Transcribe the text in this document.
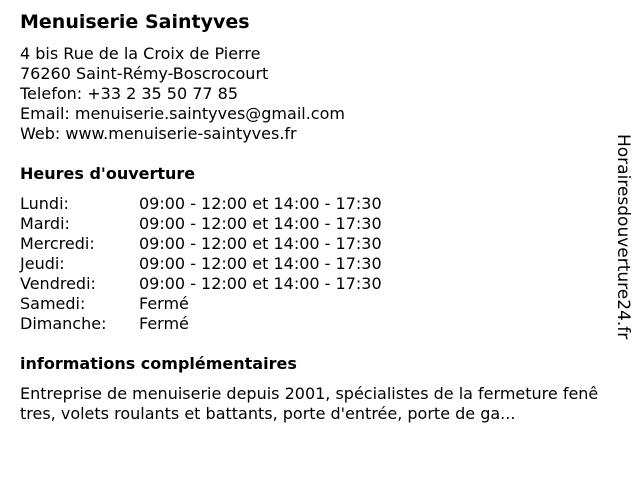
Menuiserie Saintyves
4 bis Rue de la Croix de Pierre
76260 Saint-Rémy-Boscrocourt
Telefon: +33 2 35 50 77 85
Email: menuiserie.saintyves@gmail.com
Web: www.menuiserie-saintyves.fr
Heures d'ouverture
Lundi:	09:00 - 12:00 et 14:00 - 17:30
Mardi:	09:00 - 12:00 et 14:00 - 17:30
Mercredi:	09:00 - 12:00 et 14:00 - 17:30
Jeudi:	09:00 - 12:00 et 14:00 - 17:30
Vendredi:	09:00 - 12:00 et 14:00 - 17:30
Samedi:	Fermé
Dimanche: Fermé
informations complémentaires
Entreprise de menuiserie depuis 2001, spécialistes de la fermeture fenêtres, volets roulants et battants, porte d'entrée, porte de ga...
Horairesdouverture24.fr
